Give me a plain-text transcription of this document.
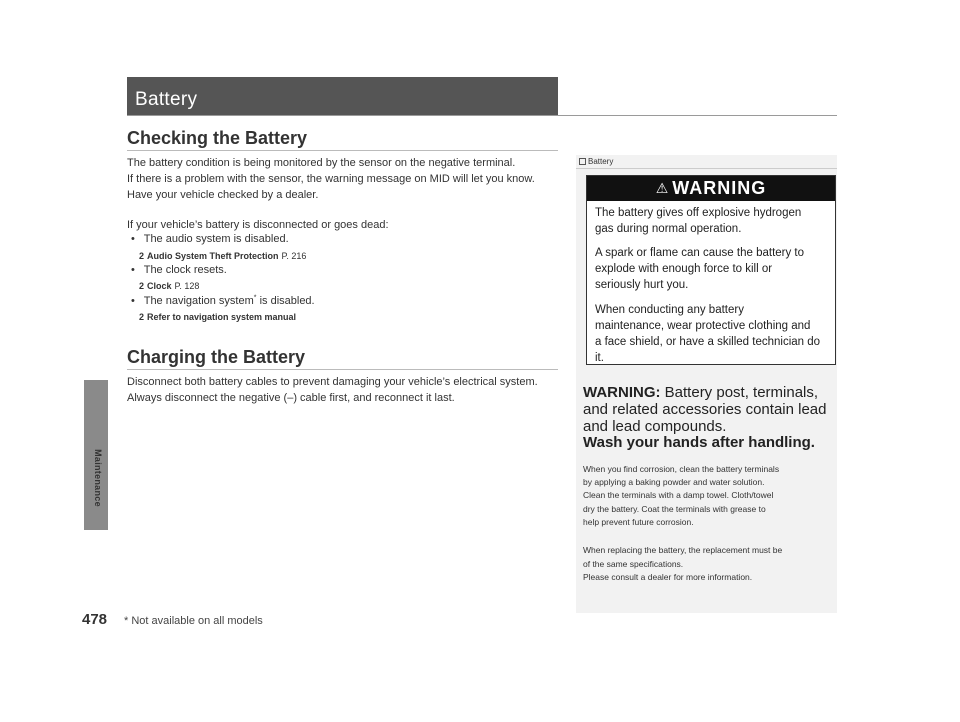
Maintenance
478 * Not available on all models
Battery
Checking the Battery
The battery condition is being monitored by the sensor on the negative terminal.
If there is a problem with the sensor, the warning message on MID will let you know.
Have your vehicle checked by a dealer.
If your vehicle’s battery is disconnected or goes dead:
• The audio system is disabled.
2 Audio System Theft Protection P. 216
• The clock resets.
2 Clock P. 128
• The navigation system* is disabled.
2 Refer to navigation system manual
Charging the Battery
Disconnect both battery cables to prevent damaging your vehicle’s electrical system.
Always disconnect the negative (–) cable first, and reconnect it last.
Battery
⚠ WARNING
The battery gives off explosive hydrogen
gas during normal operation.
A spark or flame can cause the battery to
explode with enough force to kill or
seriously hurt you.
When conducting any battery
maintenance, wear protective clothing and
a face shield, or have a skilled technician do
it.
WARNING: Battery post, terminals,
and related accessories contain lead
and lead compounds.
Wash your hands after handling.
When you find corrosion, clean the battery terminals
by applying a baking powder and water solution.
Clean the terminals with a damp towel. Cloth/towel
dry the battery. Coat the terminals with grease to
help prevent future corrosion.
When replacing the battery, the replacement must be
of the same specifications.
Please consult a dealer for more information.
